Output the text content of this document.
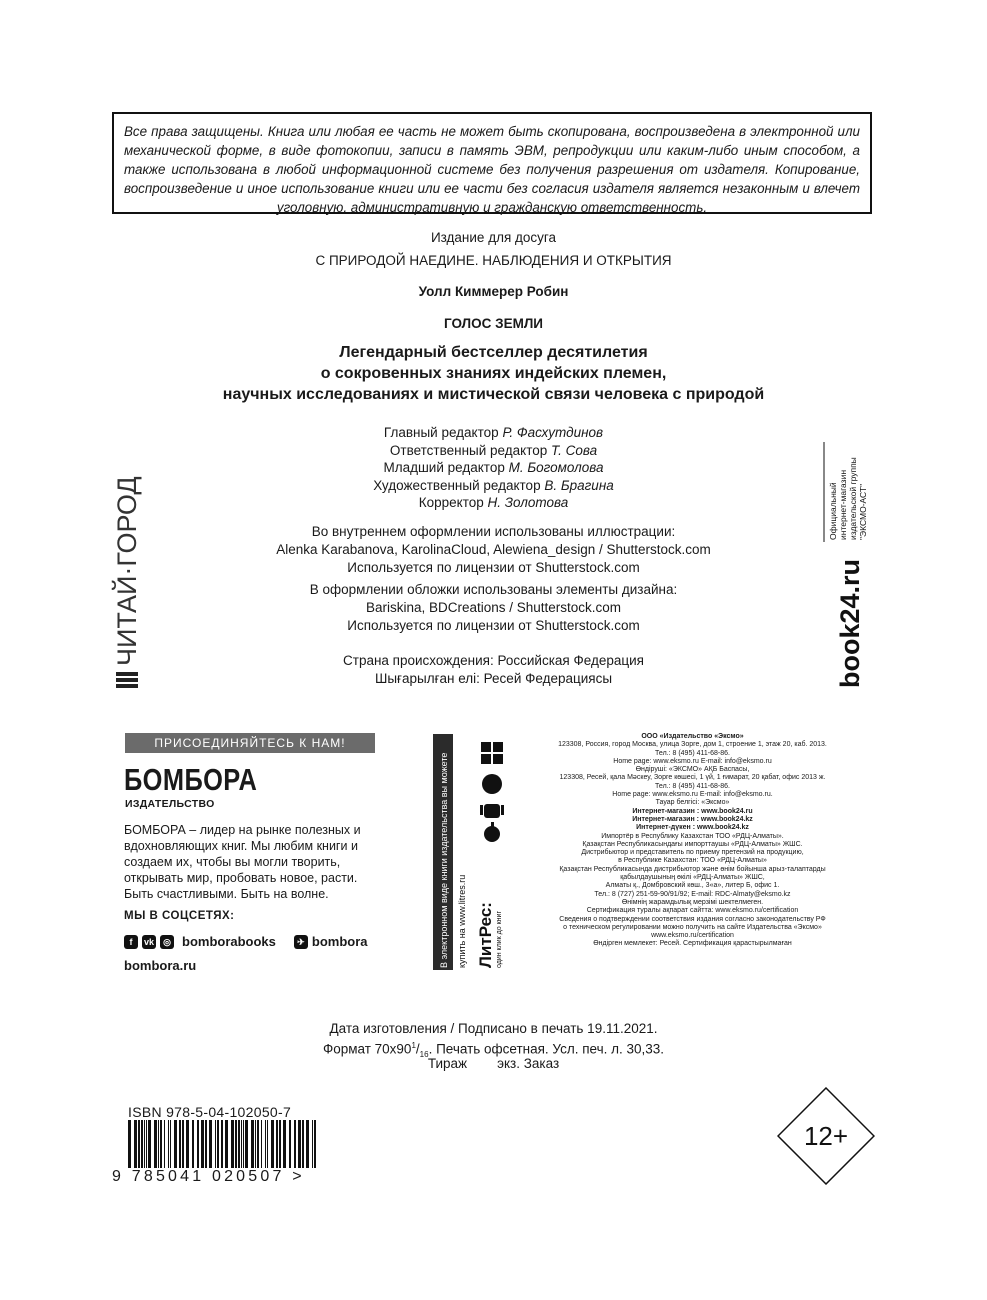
Все права защищены. Книга или любая ее часть не может быть скопирована, воспроизведена в электронной или механической форме, в виде фотокопии, записи в память ЭВМ, репродукции или каким-либо иным способом, а также использована в любой информационной системе без получения разрешения от издателя. Копирование, воспроизведение и иное использование книги или ее части без согласия издателя является незаконным и влечет уголовную, административную и гражданскую ответственность.
Издание для досуга
С ПРИРОДОЙ НАЕДИНЕ. НАБЛЮДЕНИЯ И ОТКРЫТИЯ
Уолл Киммерер Робин
ГОЛОС ЗЕМЛИ
Легендарный бестселлер десятилетия
о сокровенных знаниях индейских племен,
научных исследованиях и мистической связи человека с природой
Главный редактор Р. Фасхутдинов
Ответственный редактор Т. Сова
Младший редактор М. Богомолова
Художественный редактор В. Брагина
Корректор Н. Золотова
Во внутреннем оформлении использованы иллюстрации:
Alenka Karabanova, KarolinaCloud, Alewiena_design / Shutterstock.com
Используется по лицензии от Shutterstock.com
В оформлении обложки использованы элементы дизайна:
Bariskina, BDCreations / Shutterstock.com
Используется по лицензии от Shutterstock.com
Страна происхождения: Российская Федерация
Шығарылған елі: Ресей Федерациясы
ЧИТАЙ·ГОРОД	book24.ru
Официальный интернет-магазин издательской группы "ЭКСМО-АСТ"
ПРИСОЕДИНЯЙТЕСЬ К НАМ!
БОМБОРА
ИЗДАТЕЛЬСТВО
БОМБОРА – лидер на рынке полезных и вдохновляющих книг. Мы любим книги и создаем их, чтобы вы могли творить, открывать мир, пробовать новое, расти. Быть счастливыми. Быть на волне.
МЫ В СОЦСЕТЯХ:
f	vk	◎ bomborabooks	✈ bombora
bombora.ru	В электронном виде книги издательства вы можете купить на www.litres.ru ЛитРес: один клик до книг
ООО «Издательство «Эксмо»
123308, Россия, город Москва, улица Зорге, дом 1, строение 1, этаж 20, каб. 2013.
Тел.: 8 (495) 411-68-86.
Home page: www.eksmo.ru E-mail: info@eksmo.ru
Өндіруші: «ЭКСМО» АҚБ Баспасы,
123308, Ресей, қала Мәскеу, Зорге көшесі, 1 үй, 1 ғимарат, 20 қабат, офис 2013 ж.
Тел.: 8 (495) 411-68-86.
Home page: www.eksmo.ru E-mail: info@eksmo.ru.
Тауар белгісі: «Эксмо»
Интернет-магазин : www.book24.ru
Интернет-магазин : www.book24.kz
Интернет-дүкен : www.book24.kz
Импортёр в Республику Казахстан ТОО «РДЦ-Алматы».
Қазақстан Республикасындағы импорттаушы «РДЦ-Алматы» ЖШС.
Дистрибьютор и представитель по приему претензий на продукцию,
в Республике Казахстан: ТОО «РДЦ-Алматы»
Қазақстан Республикасында дистрибьютор және өнім бойынша арыз-талаптарды
қабылдаушының өкілі «РДЦ-Алматы» ЖШС,
Алматы қ., Домбровский көш., 3«а», литер Б, офис 1.
Тел.: 8 (727) 251-59-90/91/92; E-mail: RDC-Almaty@eksmo.kz
Өнімнің жарамдылық мерзімі шектелмеген.
Сертификация туралы ақпарат сайтта: www.eksmo.ru/certification
Сведения о подтверждении соответствия издания согласно законодательству РФ
о техническом регулировании можно получить на сайте Издательства «Эксмо»
www.eksmo.ru/certification
Өндірген мемлекет: Ресей. Сертификация қарастырылмаған
Дата изготовления / Подписано в печать 19.11.2021.
Формат $70x90^1/_{16}$. Печать офсетная. Усл. печ. л. 30,33.
Тираж        экз. Заказ
ISBN 978-5-04-102050-7
9 785041 020507 >
12+
